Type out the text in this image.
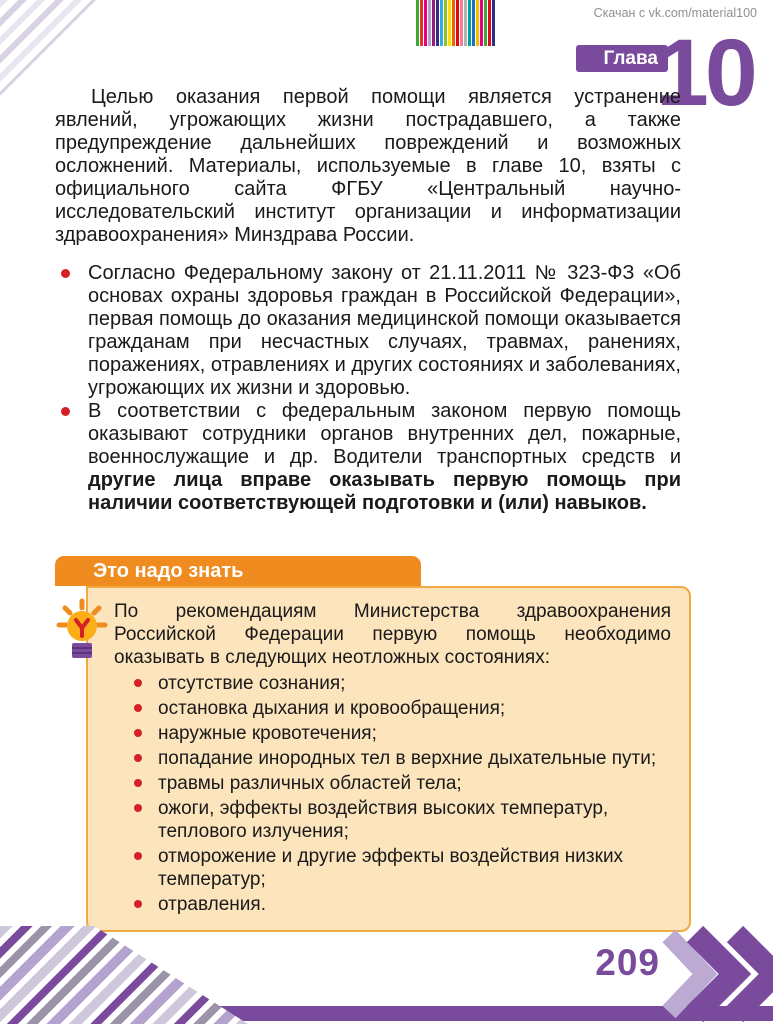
Скачан с vk.com/material100
Глава
10

Целью оказания первой помощи является устранение явлений, угрожающих жизни пострадавшего, а также предупреждение дальнейших повреждений и возможных осложнений. Материалы, используемые в главе 10, взяты с официального сайта ФГБУ «Центральный научно-исследовательский институт организации и информатизации здравоохранения» Минздрава России.

Согласно Федеральному закону от 21.11.2011 № 323-ФЗ «Об основах охраны здоровья граждан в Российской Федерации», первая помощь до оказания медицинской помощи оказывается гражданам при несчастных случаях, травмах, ранениях, поражениях, отравлениях и других состояниях и заболеваниях, угрожающих их жизни и здоровью.
В соответствии с федеральным законом первую помощь оказывают сотрудники органов внутренних дел, пожарные, военнослужащие и др. Водители транспортных средств и другие лица вправе оказывать первую помощь при наличии соответствующей подготовки и (или) навыков.
Это надо знать

По рекомендациям Министерства здравоохранения Российской Федерации первую помощь необходимо оказывать в следующих неотложных состояниях:

отсутствие сознания;
остановка дыхания и кровообращения;
наружные кровотечения;
попадание инородных тел в верхние дыхательные пути;
травмы различных областей тела;
ожоги, эффекты воздействия высоких температур, теплового излучения;
отморожение и другие эффекты воздействия низких температур;
отравления.
209
